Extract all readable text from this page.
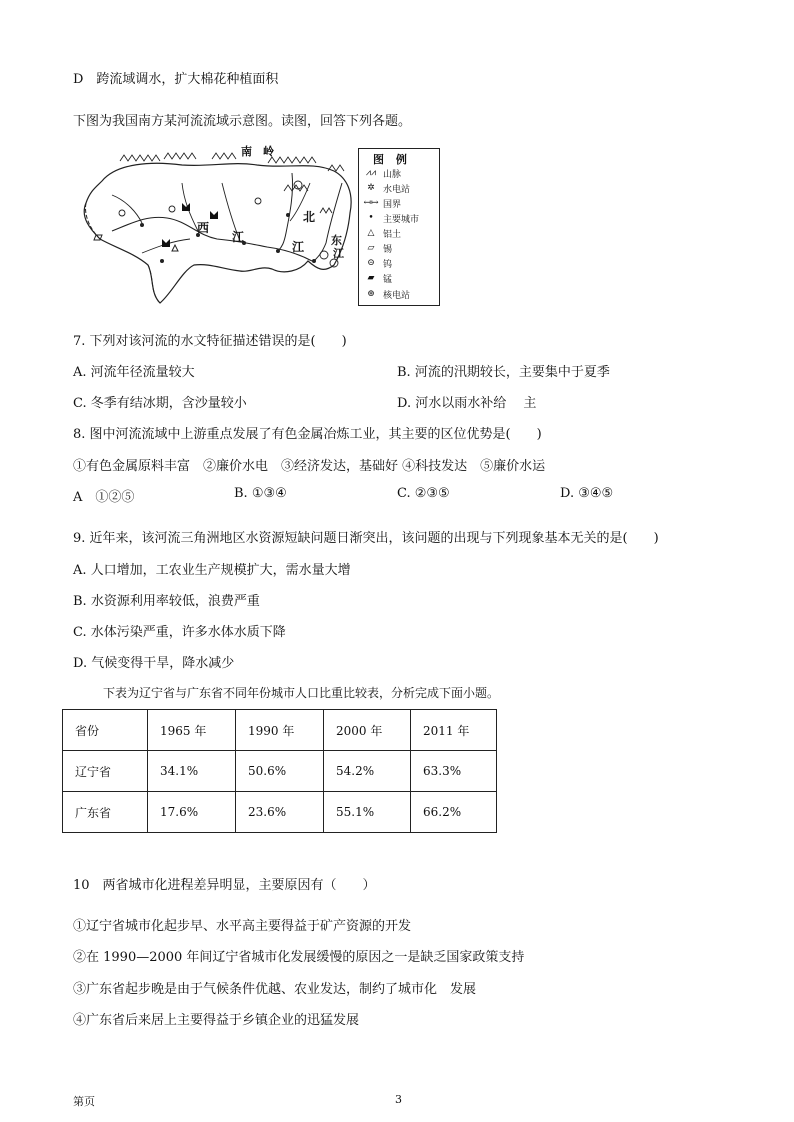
D　跨流域调水，扩大棉花种植面积
下图为我国南方某河流流域示意图。读图，回答下列各题。
南　岭
西
江
北
江 东
江
图 例
⩘⩘ 山脉
✲ 水电站
↤↦ 国界
•	主要城市
△ 铝土
▱ 锡
⊝ 钨
▰ 锰
⊛ 核电站
7. 下列对该河流的水文特征描述错误的是(　　)
A. 河流年径流量较大	B. 河流的汛期较长，主要集中于夏季
C. 冬季有结冰期，含沙量较小	D. 河水以雨水补给　 主
8. 图中河流流域中上游重点发展了有色金属冶炼工业，其主要的区位优势是(　　)
①有色金属原料丰富　②廉价水电　③经济发达，基础好 ④科技发达　⑤廉价水运
A　①②⑤	B. ①③④	C. ②③⑤	D. ③④⑤
9. 近年来，该河流三角洲地区水资源短缺问题日渐突出，该问题的出现与下列现象基本无关的是(　　)
A. 人口增加，工农业生产规模扩大，需水量大增
B. 水资源利用率较低，浪费严重
C. 水体污染严重，许多水体水质下降
D. 气候变得干旱，降水减少
下表为辽宁省与广东省不同年份城市人口比重比较表，分析完成下面小题。
省份	1965 年	1990 年	2000 年	2011 年
辽宁省	34.1%	50.6%	54.2%	63.3%
广东省	17.6%	23.6%	55.1%	66.2%
10　两省城市化进程差异明显，主要原因有（　　）
①辽宁省城市化起步早、水平高主要得益于矿产资源的开发
②在 1990—2000 年间辽宁省城市化发展缓慢的原因之一是缺乏国家政策支持
③广东省起步晚是由于气候条件优越、农业发达，制约了城市化　发展
④广东省后来居上主要得益于乡镇企业的迅猛发展
第页	3
